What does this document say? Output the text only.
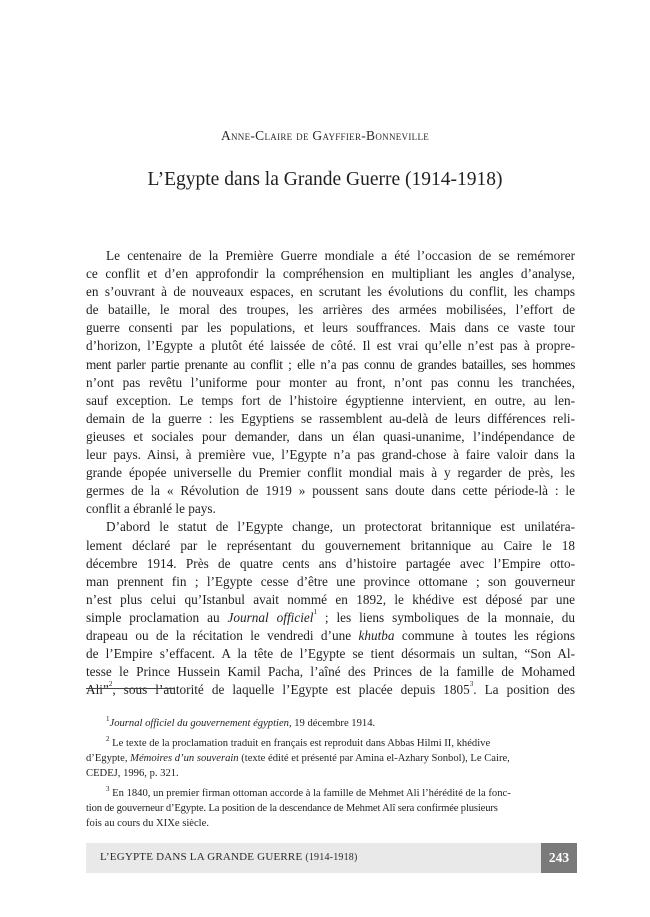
Anne-Claire de Gayffier-Bonneville
L’Egypte dans la Grande Guerre (1914-1918)

Le centenaire de la Première Guerre mondiale a été l’occasion de se remémorer
ce conflit et d’en approfondir la compréhension en multipliant les angles d’analyse,
en s’ouvrant à de nouveaux espaces, en scrutant les évolutions du conflit, les champs
de bataille, le moral des troupes, les arrières des armées mobilisées, l’effort de
guerre consenti par les populations, et leurs souffrances. Mais dans ce vaste tour
d’horizon, l’Egypte a plutôt été laissée de côté. Il est vrai qu’elle n’est pas à propre-
ment parler partie prenante au conflit ; elle n’a pas connu de grandes batailles, ses hommes
n’ont pas revêtu l’uniforme pour monter au front, n’ont pas connu les tranchées,
sauf exception. Le temps fort de l’histoire égyptienne intervient, en outre, au len-
demain de la guerre : les Egyptiens se rassemblent au-delà de leurs différences reli-
gieuses et sociales pour demander, dans un élan quasi-unanime, l’indépendance de
leur pays. Ainsi, à première vue, l’Egypte n’a pas grand-chose à faire valoir dans la
grande épopée universelle du Premier conflit mondial mais à y regarder de près, les
germes de la « Révolution de 1919 » poussent sans doute dans cette période-là : le
conflit a ébranlé le pays.

D’abord le statut de l’Egypte change, un protectorat britannique est unilatéra-
lement déclaré par le représentant du gouvernement britannique au Caire le 18
décembre 1914. Près de quatre cents ans d’histoire partagée avec l’Empire otto-
man prennent fin ; l’Egypte cesse d’être une province ottomane ; son gouverneur
n’est plus celui qu’Istanbul avait nommé en 1892, le khédive est déposé par une
simple proclamation au Journal officiel$^1$ ; les liens symboliques de la monnaie, du
drapeau ou de la récitation le vendredi d’une khutba commune à toutes les régions
de l’Empire s’effacent. A la tête de l’Egypte se tient désormais un sultan, “Son Al-
tesse le Prince Hussein Kamil Pacha, l’aîné des Princes de la famille de Mohamed
Ali”$^2$, sous l’autorité de laquelle l’Egypte est placée depuis 1805$^3$. La position des

$^1$Journal officiel du gouvernement égyptien, 19 décembre 1914.
$^2$ Le texte de la proclamation traduit en français est reproduit dans Abbas Hilmi II, khédive
d’Egypte, Mémoires d’un souverain (texte édité et présenté par Amina el-Azhary Sonbol), Le Caire,
CEDEJ, 1996, p. 321.
$^3$ En 1840, un premier firman ottoman accorde à la famille de Mehmet Ali l’hérédité de la fonc-
tion de gouverneur d’Egypte. La position de la descendance de Mehmet Alî sera confirmée plusieurs
fois au cours du XIXe siècle.
L’EGYPTE DANS LA GRANDE GUERRE (1914-1918)	243
